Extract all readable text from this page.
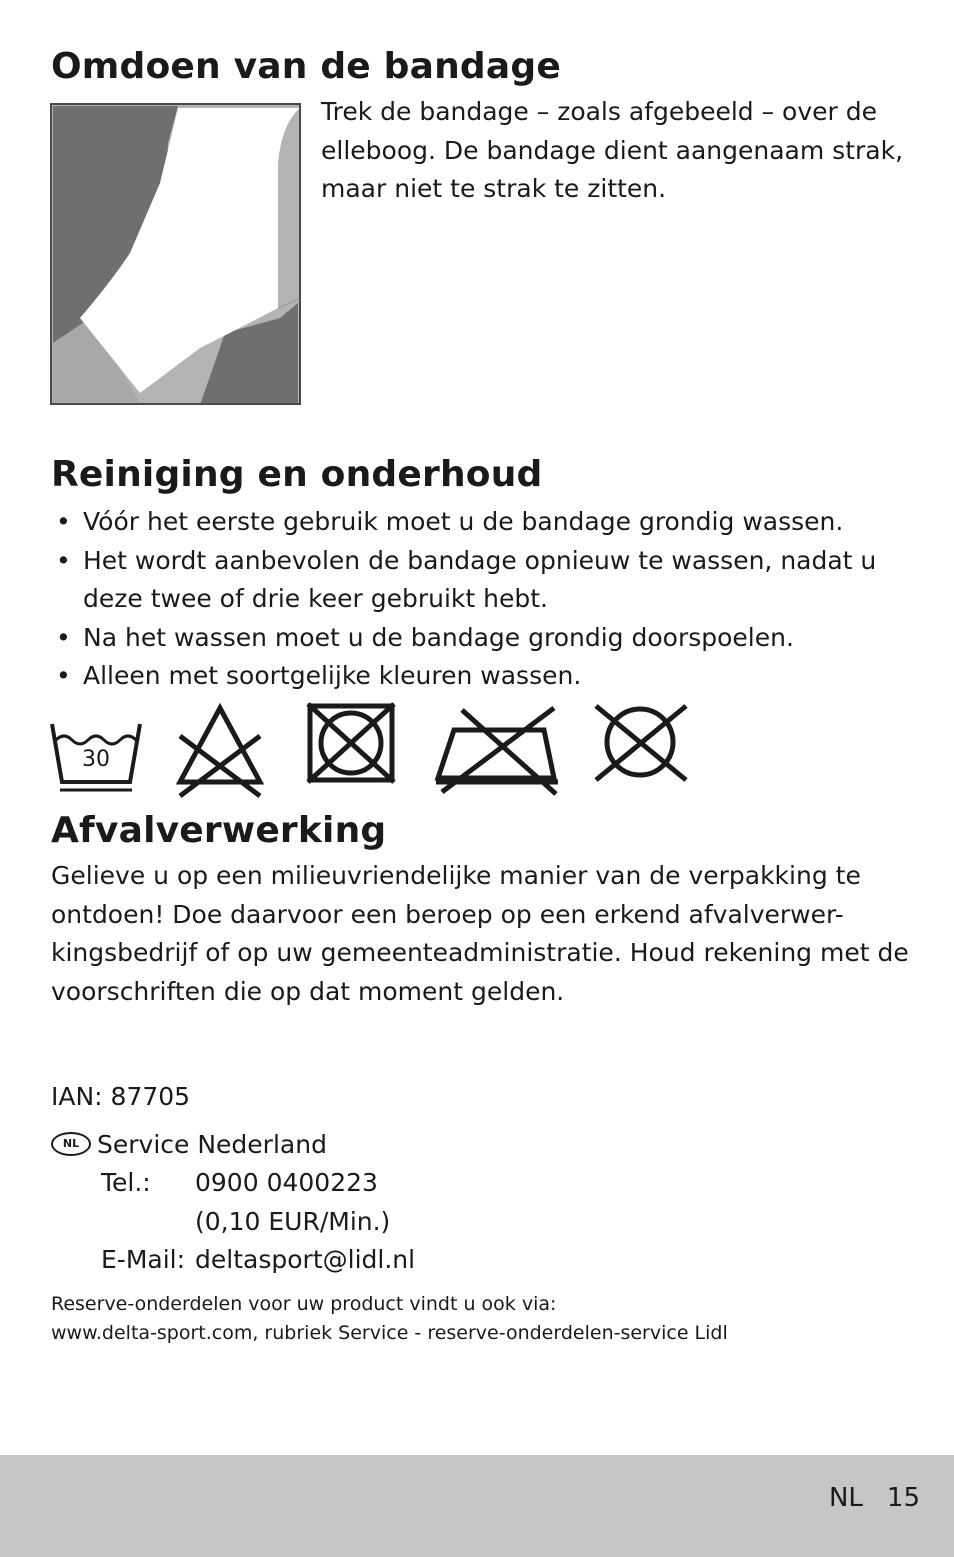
Omdoen van de bandage
Trek de bandage – zoals afgebeeld – over de
elleboog. De bandage dient aangenaam strak,
maar niet te strak te zitten.
Reiniging en onderhoud
• Vóór het eerste gebruik moet u de bandage grondig wassen.
• Het wordt aanbevolen de bandage opnieuw te wassen, nadat u
deze twee of drie keer gebruikt hebt.
• Na het wassen moet u de bandage grondig doorspoelen.
• Alleen met soortgelijke kleuren wassen.
30
Afvalverwerking
Gelieve u op een milieuvriendelijke manier van de verpakking te
ontdoen! Doe daarvoor een beroep op een erkend afvalverwer-
kingsbedrijf of op uw gemeenteadministratie. Houd rekening met de
voorschriften die op dat moment gelden.
IAN: 87705
NL Service Nederland
Tel.:	0900 0400223
(0,10 EUR/Min.)
E-Mail: deltasport@lidl.nl
Reserve-onderdelen voor uw product vindt u ook via:
www.delta-sport.com, rubriek Service - reserve-onderdelen-service Lidl
NL 15
